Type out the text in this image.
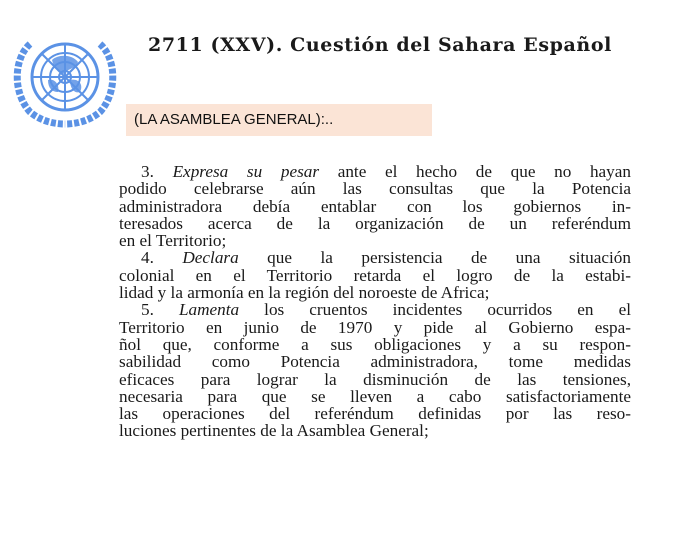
2711 (XXV). Cuestión del Sahara Español
(LA ASAMBLEA GENERAL):..
3. Expresa su pesar ante el hecho de que no hayan
podido celebrarse aún las consultas que la Potencia
administradora debía entablar con los gobiernos in-
teresados acerca de la organización de un referéndum
en el Territorio;
4. Declara que la persistencia de una situación
colonial en el Territorio retarda el logro de la estabi-
lidad y la armonía en la región del noroeste de Africa;
5. Lamenta los cruentos incidentes ocurridos en el
Territorio en junio de 1970 y pide al Gobierno espa-
ñol que, conforme a sus obligaciones y a su respon-
sabilidad como Potencia administradora, tome medidas
eficaces para lograr la disminución de las tensiones,
necesaria para que se lleven a cabo satisfactoriamente
las operaciones del referéndum definidas por las reso-
luciones pertinentes de la Asamblea General;
